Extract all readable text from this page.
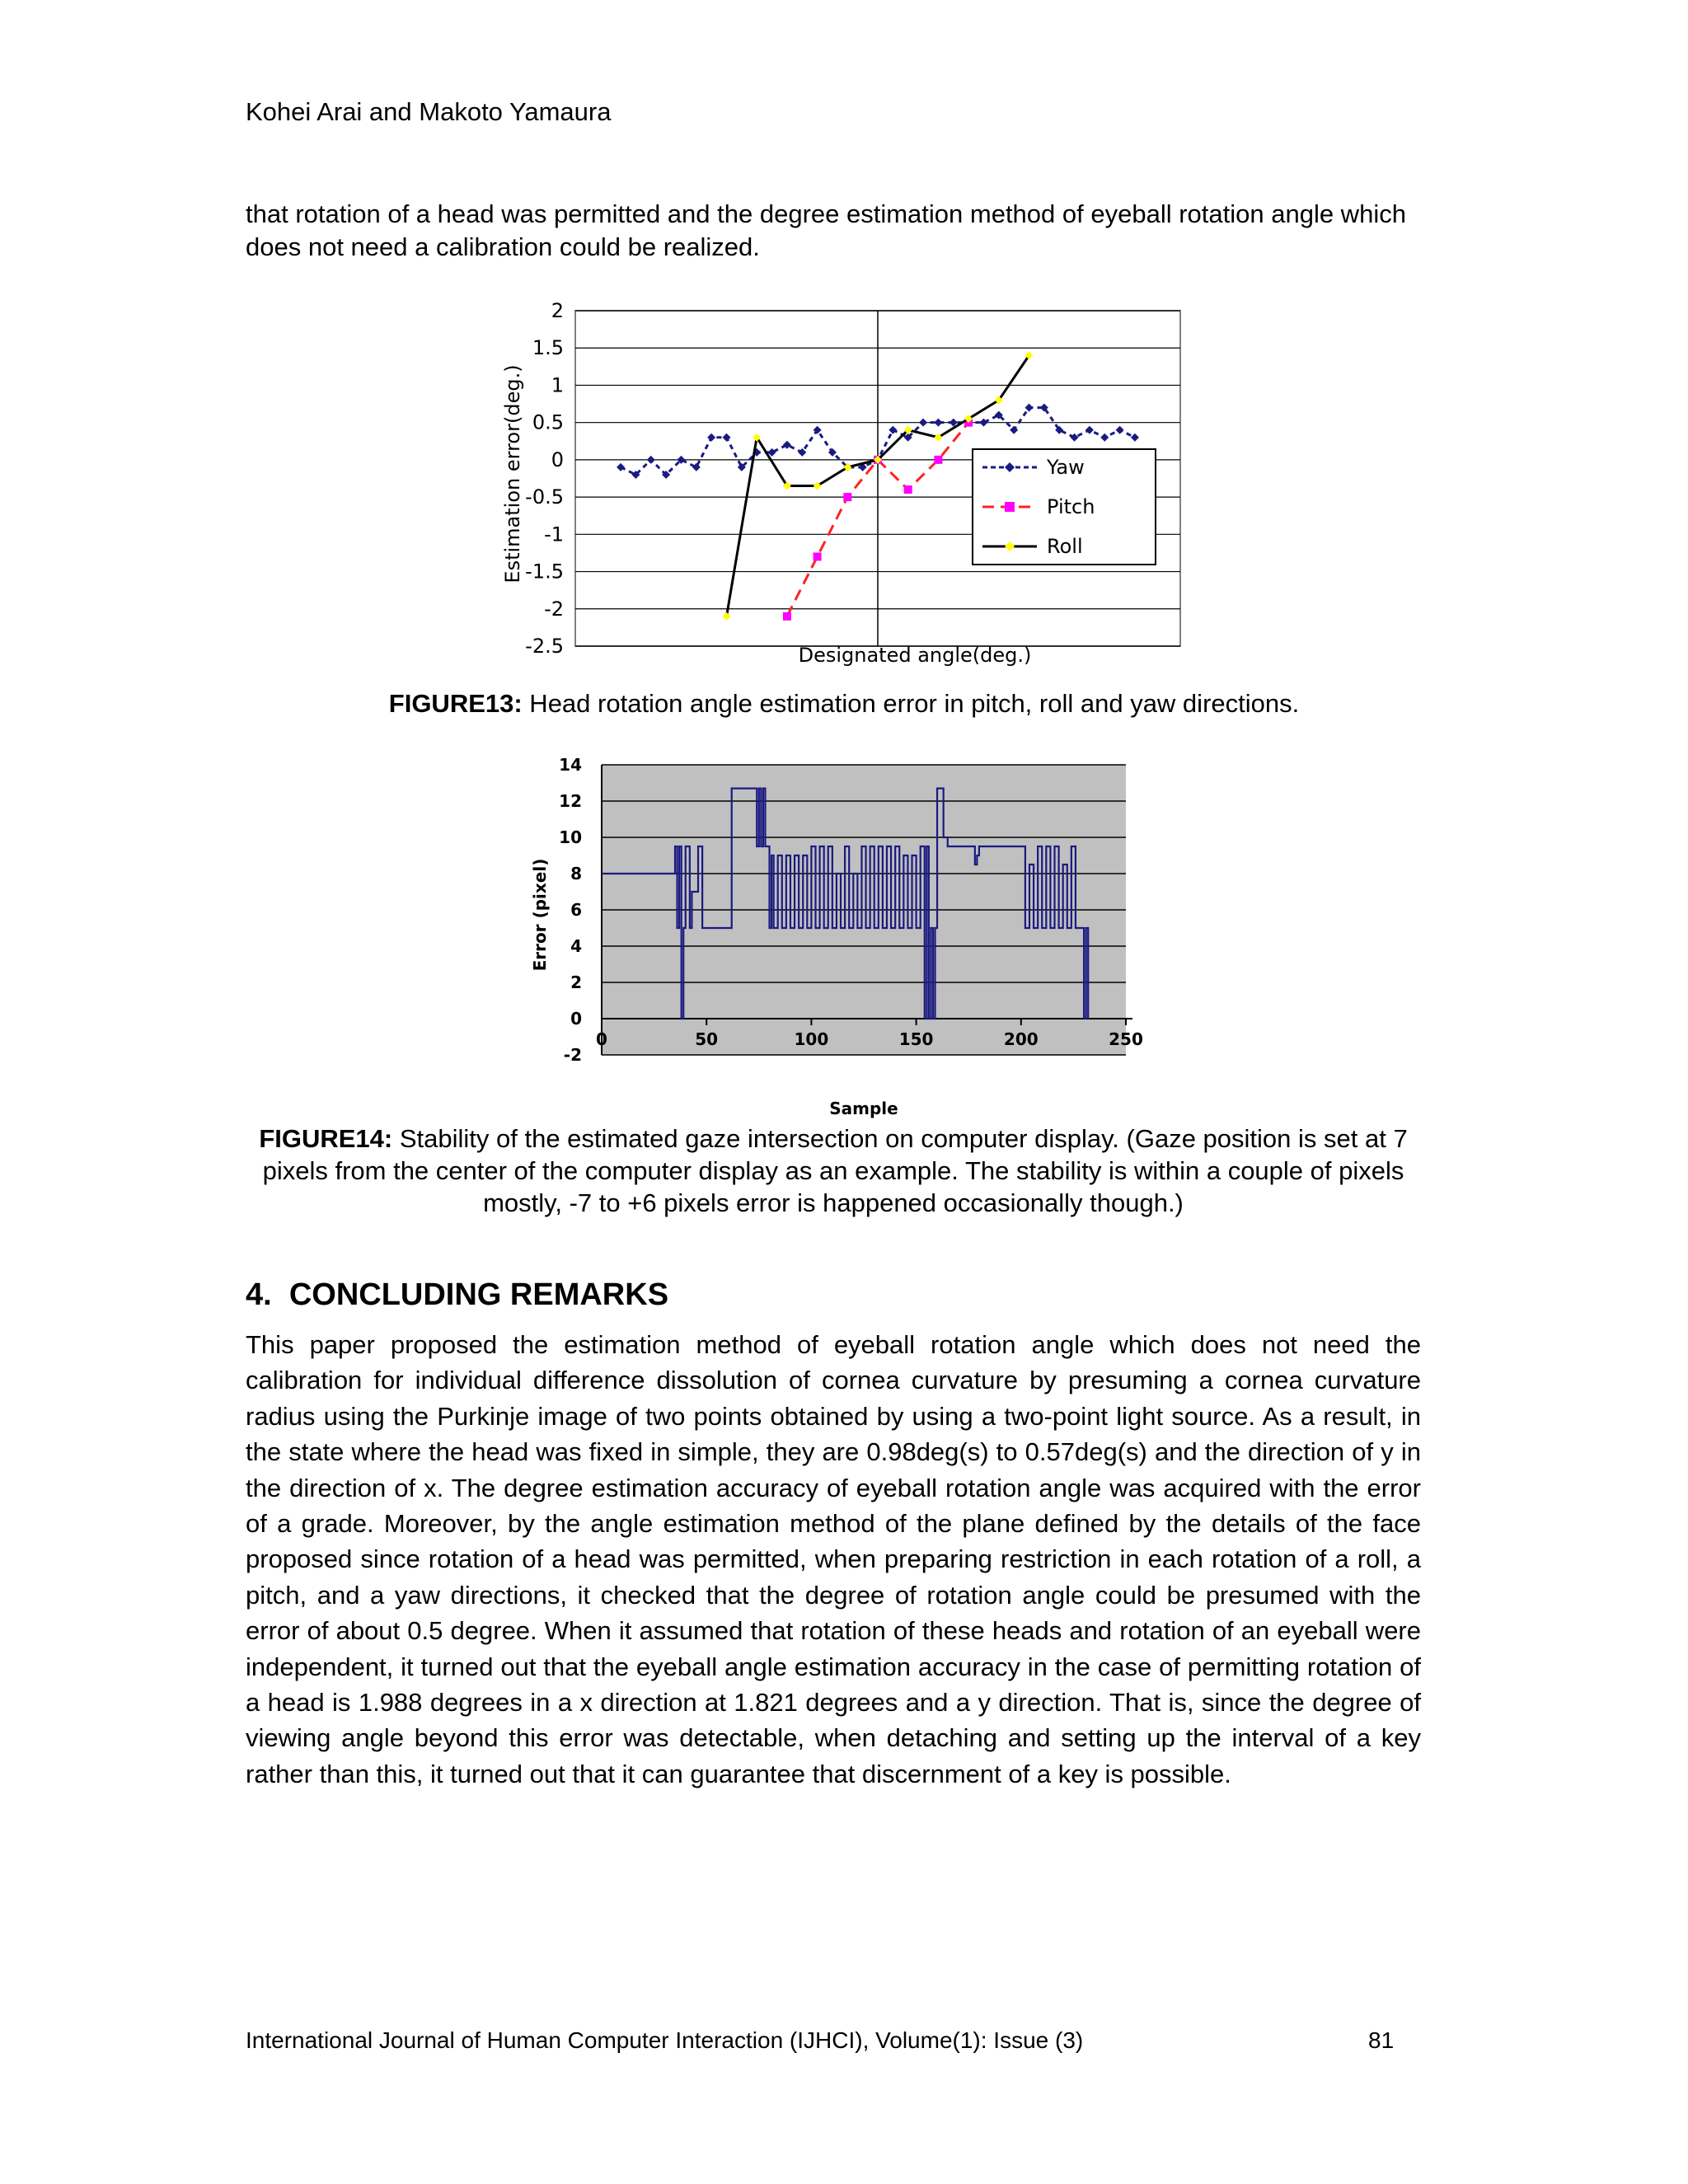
Kohei Arai and Makoto Yamaura
that rotation of a head was permitted and the degree estimation method of eyeball rotation angle which does not need a calibration could be realized.
2
1.5
1
0.5
0
-0.5
-1
-1.5
-2
-2.5	Designated angle(deg.)
Estimation error(deg.)	Yaw
Pitch
Roll
FIGURE13: Head rotation angle estimation error in pitch, roll and yaw directions.
14
12
10
8
6
4
2
0
-2
0	50	100	150	200	250
Sample
Error (pixel)
FIGURE14: Stability of the estimated gaze intersection on computer display. (Gaze position is set at 7 pixels from the center of the computer display as an example. The stability is within a couple of pixels mostly, -7 to +6 pixels error is happened occasionally though.)
4. CONCLUDING REMARKS
This paper proposed the estimation method of eyeball rotation angle which does not need the calibration for individual difference dissolution of cornea curvature by presuming a cornea curvature radius using the Purkinje image of two points obtained by using a two-point light source. As a result, in the state where the head was fixed in simple, they are 0.98deg(s) to 0.57deg(s) and the direction of y in the direction of x. The degree estimation accuracy of eyeball rotation angle was acquired with the error of a grade. Moreover, by the angle estimation method of the plane defined by the details of the face proposed since rotation of a head was permitted, when preparing restriction in each rotation of a roll, a pitch, and a yaw directions, it checked that the degree of rotation angle could be presumed with the error of about 0.5 degree. When it assumed that rotation of these heads and rotation of an eyeball were independent, it turned out that the eyeball angle estimation accuracy in the case of permitting rotation of a head is 1.988 degrees in a x direction at 1.821 degrees and a y direction. That is, since the degree of viewing angle beyond this error was detectable, when detaching and setting up the interval of a key rather than this, it turned out that it can guarantee that discernment of a key is possible.
International Journal of Human Computer Interaction (IJHCI), Volume(1): Issue (3)	81
